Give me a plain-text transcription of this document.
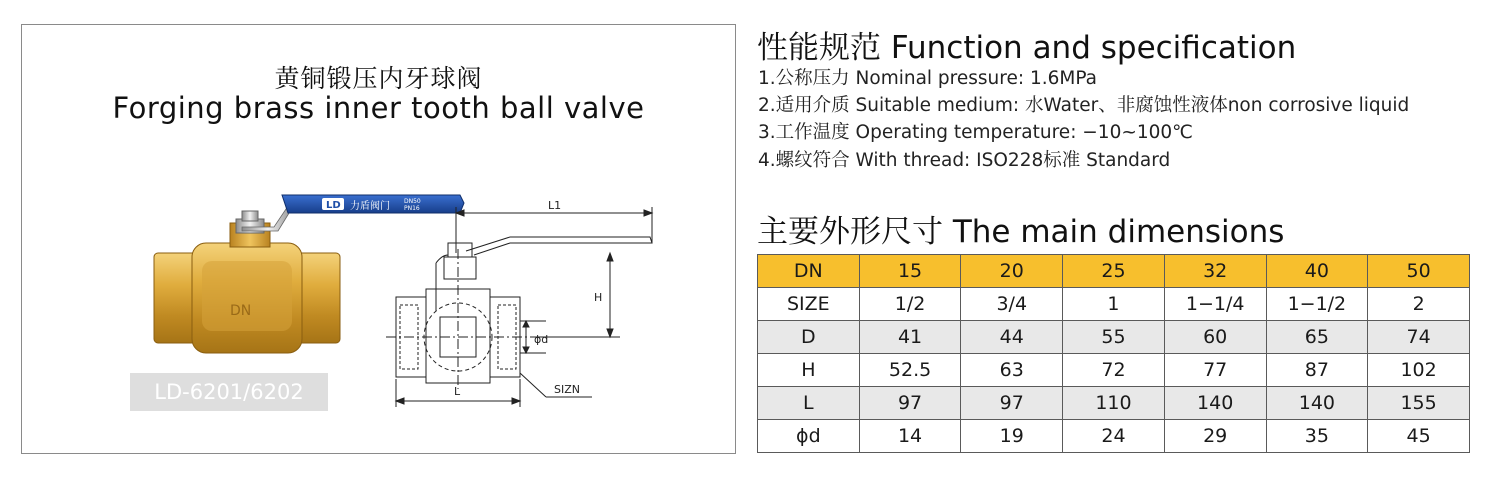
黄铜锻压内牙球阀
Forging brass inner tooth ball valve
DN
LD 力盾阀门 DN50
PN16	L1
H
ϕd
L	SIZN
LD-6201/6202
性能规范 Function and specification
1.公称压力 Nominal pressure: 1.6MPa
2.适用介质 Suitable medium: 水Water、非腐蚀性液体non corrosive liquid
3.工作温度 Operating temperature: −10~100℃
4.螺纹符合 With thread: ISO228标准 Standard
主要外形尺寸 The main dimensions
DN	15	20	25	32	40	50
SIZE	1/2	3/4	1	1−1/4	1−1/2	2
D	41	44	55	60	65	74
H	52.5	63	72	77	87	102
L	97	97	110	140	140	155
ϕd	14	19	24	29	35	45
